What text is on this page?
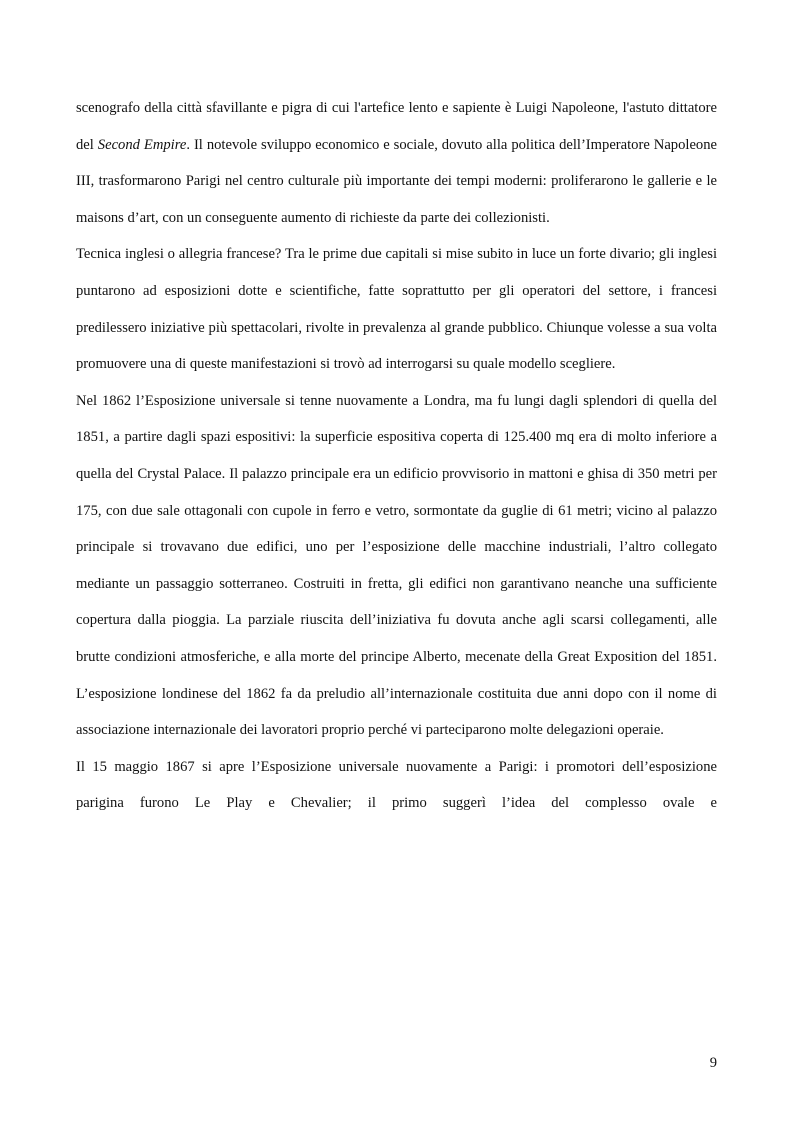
scenografo della città sfavillante e pigra di cui l'artefice lento e sapiente è Luigi Napoleone, l'astuto dittatore del Second Empire. Il notevole sviluppo economico e sociale, dovuto alla politica dell’Imperatore Napoleone III, trasformarono Parigi nel centro culturale più importante dei tempi moderni: proliferarono le gallerie e le maisons d’art, con un conseguente aumento di richieste da parte dei collezionisti.

Tecnica inglesi o allegria francese? Tra le prime due capitali si mise subito in luce un forte divario; gli inglesi puntarono ad esposizioni dotte e scientifiche, fatte soprattutto per gli operatori del settore, i francesi predilessero iniziative più spettacolari, rivolte in prevalenza al grande pubblico. Chiunque volesse a sua volta promuovere una di queste manifestazioni si trovò ad interrogarsi su quale modello scegliere.

Nel 1862 l’Esposizione universale si tenne nuovamente a Londra, ma fu lungi dagli splendori di quella del 1851, a partire dagli spazi espositivi: la superficie espositiva coperta di 125.400 mq era di molto inferiore a quella del Crystal Palace. Il palazzo principale era un edificio provvisorio in mattoni e ghisa di 350 metri per 175, con due sale ottagonali con cupole in ferro e vetro, sormontate da guglie di 61 metri; vicino al palazzo principale si trovavano due edifici, uno per l’esposizione delle macchine industriali, l’altro collegato mediante un passaggio sotterraneo. Costruiti in fretta, gli edifici non garantivano neanche una sufficiente copertura dalla pioggia. La parziale riuscita dell’iniziativa fu dovuta anche agli scarsi collegamenti, alle brutte condizioni atmosferiche, e alla morte del principe Alberto, mecenate della Great Exposition del 1851. L’esposizione londinese del 1862 fa da preludio all’internazionale costituita due anni dopo con il nome di associazione internazionale dei lavoratori proprio perché vi parteciparono molte delegazioni operaie.

Il 15 maggio 1867 si apre l’Esposizione universale nuovamente a Parigi: i promotori dell’esposizione parigina furono Le Play e Chevalier; il primo suggerì l’idea del complesso ovale e

9
